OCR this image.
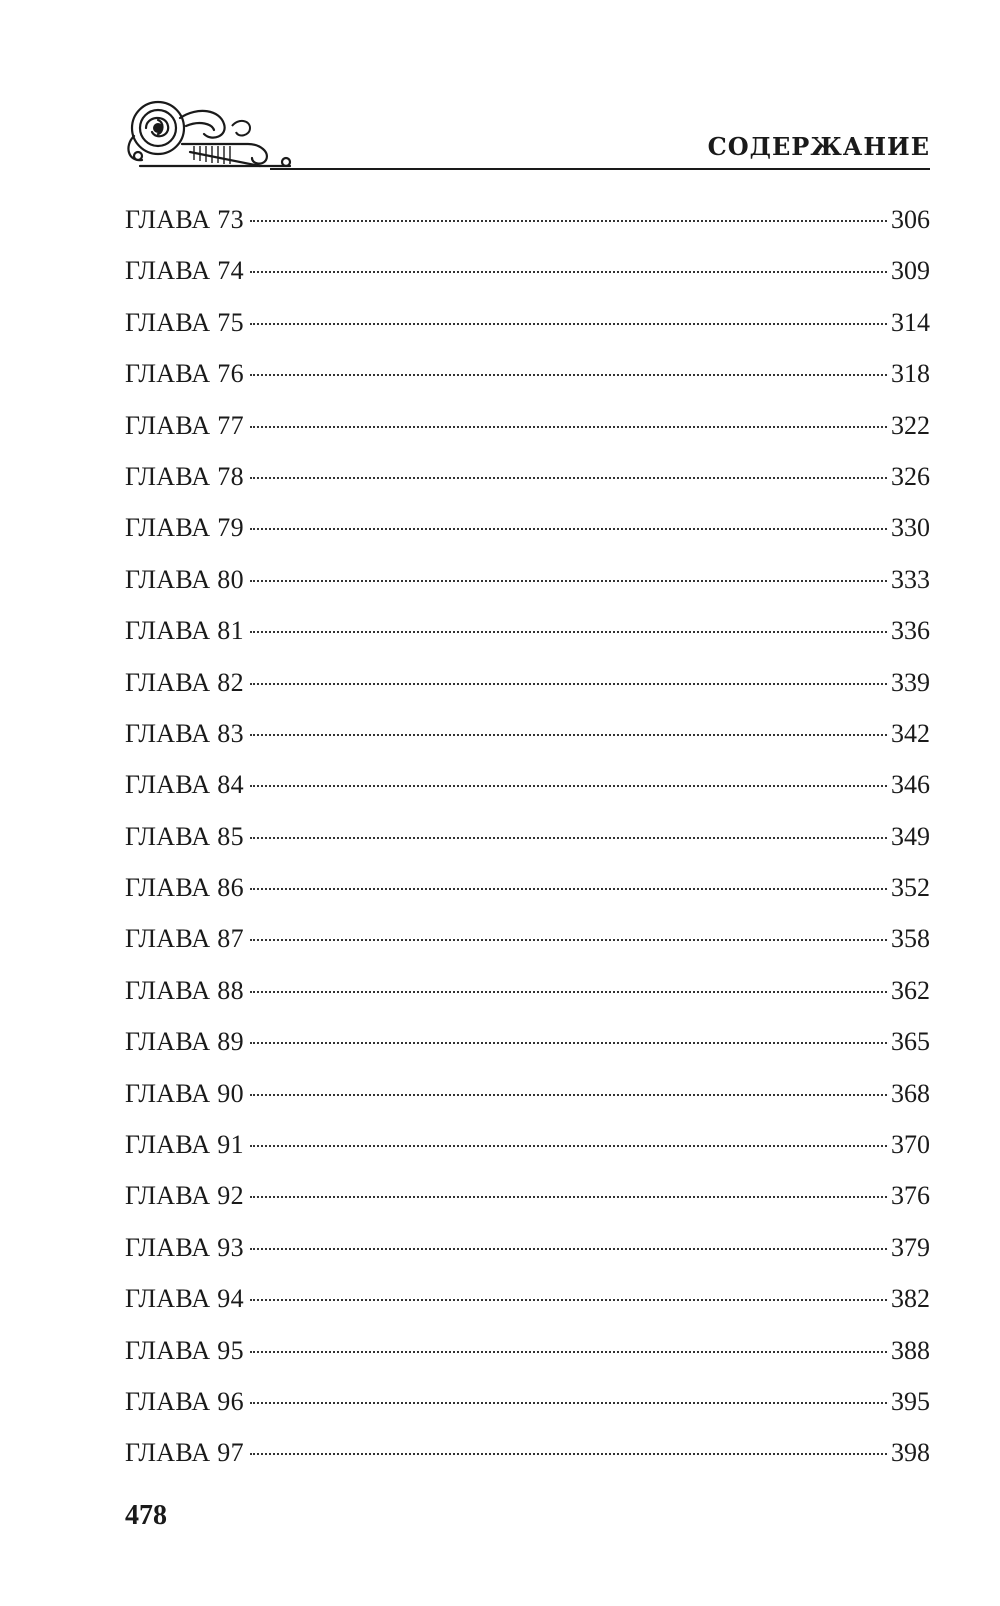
СОДЕРЖАНИЕ
ГЛАВА 73	306
ГЛАВА 74	309
ГЛАВА 75	314
ГЛАВА 76	318
ГЛАВА 77	322
ГЛАВА 78	326
ГЛАВА 79	330
ГЛАВА 80	333
ГЛАВА 81	336
ГЛАВА 82	339
ГЛАВА 83	342
ГЛАВА 84	346
ГЛАВА 85	349
ГЛАВА 86	352
ГЛАВА 87	358
ГЛАВА 88	362
ГЛАВА 89	365
ГЛАВА 90	368
ГЛАВА 91	370
ГЛАВА 92	376
ГЛАВА 93	379
ГЛАВА 94	382
ГЛАВА 95	388
ГЛАВА 96	395
ГЛАВА 97	398
478
